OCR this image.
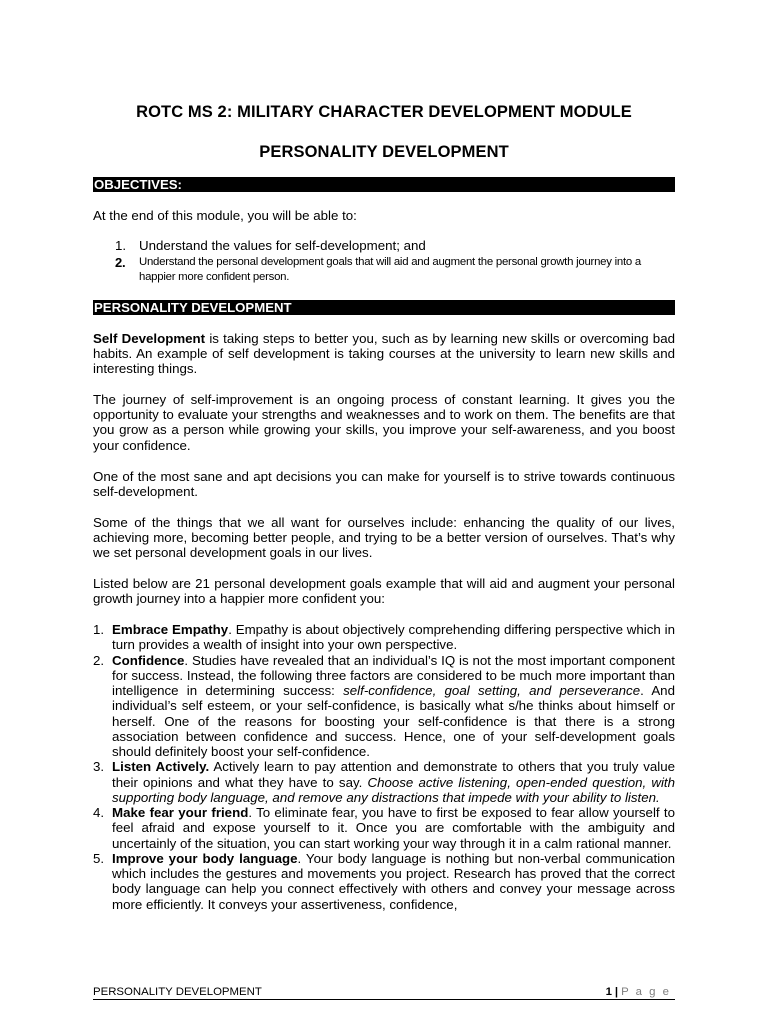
ROTC MS 2: MILITARY CHARACTER DEVELOPMENT MODULE
PERSONALITY DEVELOPMENT
OBJECTIVES:

At the end of this module, you will be able to:

1. Understand the values for self-development; and
2. Understand the personal development goals that will aid and augment the personal growth journey into a happier more confident person.
PERSONALITY DEVELOPMENT

Self Development is taking steps to better you, such as by learning new skills or overcoming bad habits. An example of self development is taking courses at the university to learn new skills and interesting things.

The journey of self-improvement is an ongoing process of constant learning. It gives you the opportunity to evaluate your strengths and weaknesses and to work on them. The benefits are that you grow as a person while growing your skills, you improve your self-awareness, and you boost your confidence.

One of the most sane and apt decisions you can make for yourself is to strive towards continuous self-development.

Some of the things that we all want for ourselves include: enhancing the quality of our lives, achieving more, becoming better people, and trying to be a better version of ourselves. That’s why we set personal development goals in our lives.

Listed below are 21 personal development goals example that will aid and augment your personal growth journey into a happier more confident you:

1. Embrace Empathy. Empathy is about objectively comprehending differing perspective which in turn provides a wealth of insight into your own perspective.
2. Confidence. Studies have revealed that an individual’s IQ is not the most important component for success. Instead, the following three factors are considered to be much more important than intelligence in determining success: self-confidence, goal setting, and perseverance. And individual’s self esteem, or your self-confidence, is basically what s/he thinks about himself or herself. One of the reasons for boosting your self-confidence is that there is a strong association between confidence and success. Hence, one of your self-development goals should definitely boost your self-confidence.
3. Listen Actively. Actively learn to pay attention and demonstrate to others that you truly value their opinions and what they have to say. Choose active listening, open-ended question, with supporting body language, and remove any distractions that impede with your ability to listen.
4. Make fear your friend. To eliminate fear, you have to first be exposed to fear allow yourself to feel afraid and expose yourself to it. Once you are comfortable with the ambiguity and uncertainly of the situation, you can start working your way through it in a calm rational manner.
5. Improve your body language. Your body language is nothing but non-verbal communication which includes the gestures and movements you project. Research has proved that the correct body language can help you connect effectively with others and convey your message across more efficiently. It conveys your assertiveness, confidence,
PERSONALITY DEVELOPMENT	1 | P a g e
